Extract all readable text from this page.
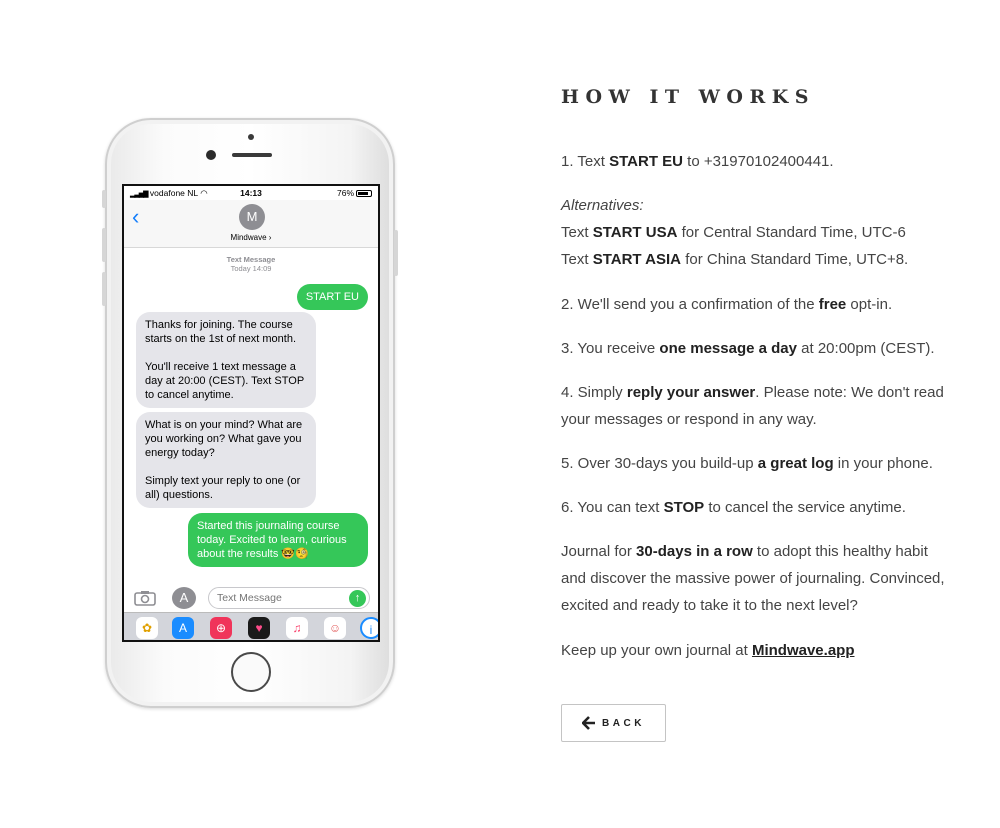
▂▃▅▇ vodafone NL ◠	14:13	76%
‹	M
Mindwave ›
Text Message
Today 14:09

START EU

Thanks for joining. The course starts on the 1st of next month.

You'll receive 1 text message a day at 20:00 (CEST). Text STOP to cancel anytime.

What is on your mind? What are you working on? What gave you energy today?

Simply text your reply to one (or all) questions.

Started this journaling course today. Excited to learn, curious about the results 🤓🧐

A
Text Message	↑
✿	A	⊕	♥	♫	☺	i
HOW IT WORKS

1. Text START EU to +31970102400441.

Alternatives:
Text START USA for Central Standard Time, UTC-6
Text START ASIA for China Standard Time, UTC+8.

2. We'll send you a confirmation of the free opt-in.

3. You receive one message a day at 20:00pm (CEST).

4. Simply reply your answer. Please note: We don't read your messages or respond in any way.

5. Over 30-days you build-up a great log in your phone.

6. You can text STOP to cancel the service anytime.

Journal for 30-days in a row to adopt this healthy habit and discover the massive power of journaling. Convinced, excited and ready to take it to the next level?

Keep up your own journal at Mindwave.app

BACK
